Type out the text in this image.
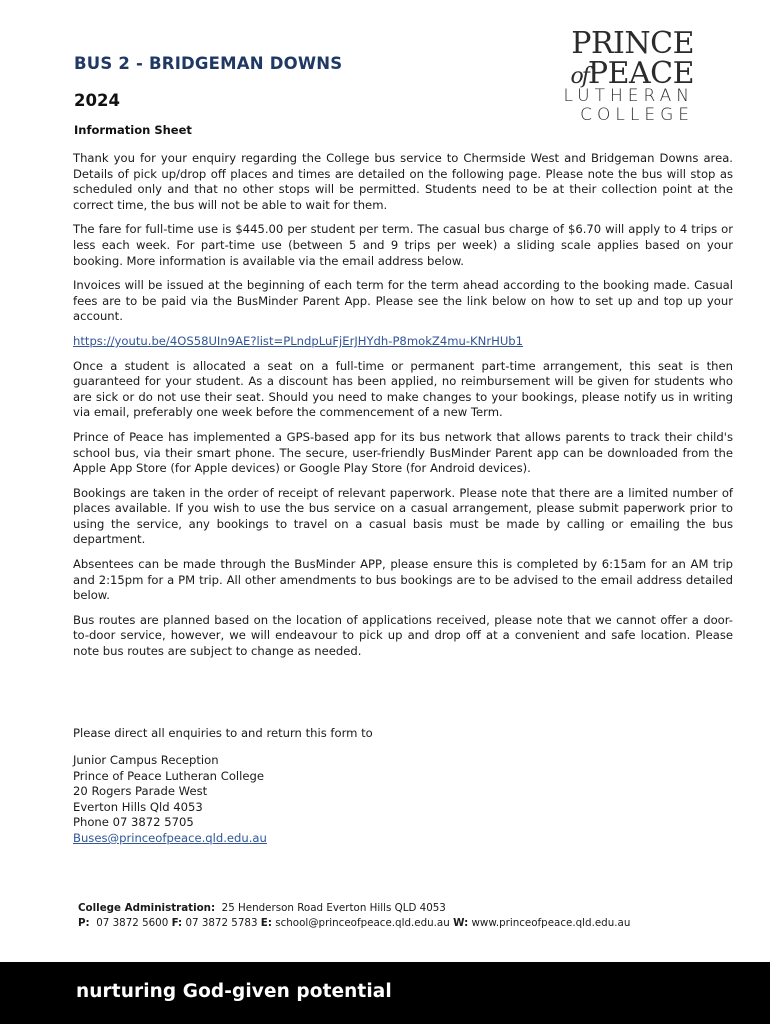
BUS 2 - BRIDGEMAN DOWNS
2024
Information Sheet
PRINCE
ofPEACE
LUTHERAN
COLLEGE

Thank you for your enquiry regarding the College bus service to Chermside West and Bridgeman Downs area. Details of pick up/drop off places and times are detailed on the following page. Please note the bus will stop as scheduled only and that no other stops will be permitted. Students need to be at their collection point at the correct time, the bus will not be able to wait for them.

The fare for full-time use is $445.00 per student per term. The casual bus charge of $6.70 will apply to 4 trips or less each week. For part-time use (between 5 and 9 trips per week) a sliding scale applies based on your booking. More information is available via the email address below.

Invoices will be issued at the beginning of each term for the term ahead according to the booking made. Casual fees are to be paid via the BusMinder Parent App. Please see the link below on how to set up and top up your account.

https://youtu.be/4OS58UIn9AE?list=PLndpLuFjErJHYdh-P8mokZ4mu-KNrHUb1

Once a student is allocated a seat on a full-time or permanent part-time arrangement, this seat is then guaranteed for your student. As a discount has been applied, no reimbursement will be given for students who are sick or do not use their seat. Should you need to make changes to your bookings, please notify us in writing via email, preferably one week before the commencement of a new Term.

Prince of Peace has implemented a GPS-based app for its bus network that allows parents to track their child's school bus, via their smart phone. The secure, user-friendly BusMinder Parent app can be downloaded from the Apple App Store (for Apple devices) or Google Play Store (for Android devices).

Bookings are taken in the order of receipt of relevant paperwork. Please note that there are a limited number of places available. If you wish to use the bus service on a casual arrangement, please submit paperwork prior to using the service, any bookings to travel on a casual basis must be made by calling or emailing the bus department.

Absentees can be made through the BusMinder APP, please ensure this is completed by 6:15am for an AM trip and 2:15pm for a PM trip. All other amendments to bus bookings are to be advised to the email address detailed below.

Bus routes are planned based on the location of applications received, please note that we cannot offer a door-to-door service, however, we will endeavour to pick up and drop off at a convenient and safe location. Please note bus routes are subject to change as needed.

Please direct all enquiries to and return this form to

Junior Campus Reception
Prince of Peace Lutheran College
20 Rogers Parade West
Everton Hills Qld 4053
Phone 07 3872 5705
Buses@princeofpeace.qld.edu.au
College Administration: 25 Henderson Road Everton Hills QLD 4053
P: 07 3872 5600 F: 07 3872 5783 E: school@princeofpeace.qld.edu.au W: www.princeofpeace.qld.edu.au

nurturing God-given potential
